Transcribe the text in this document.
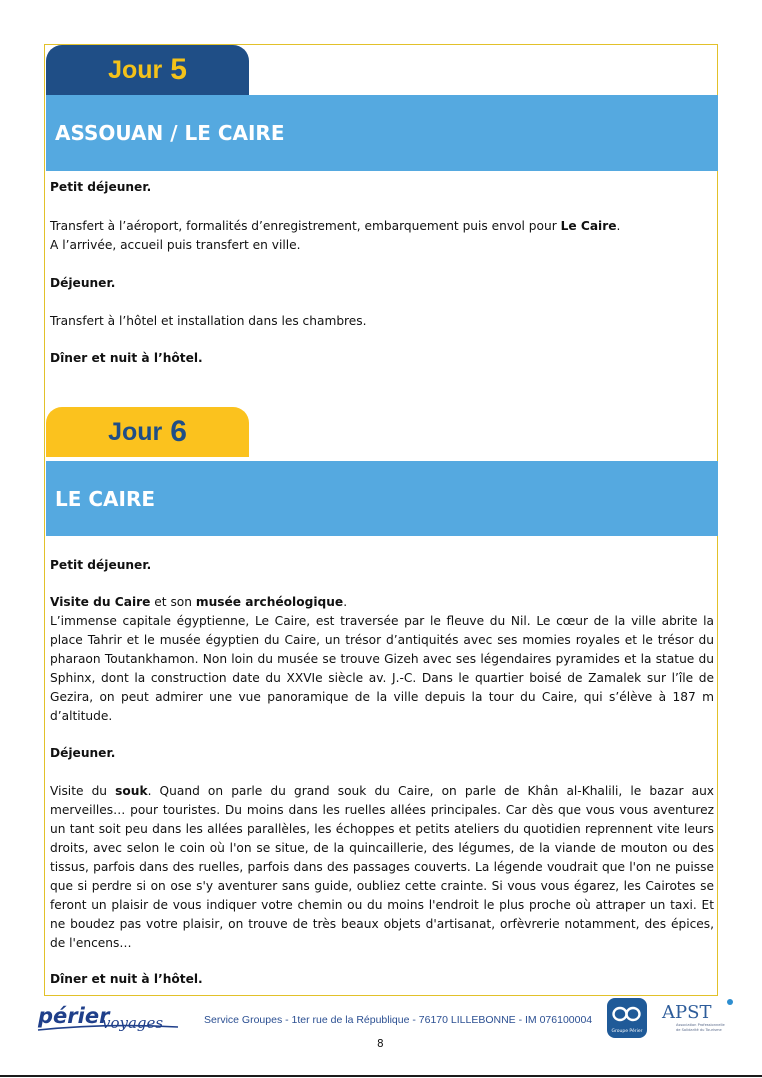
Jour 5
ASSOUAN / LE CAIRE

Petit déjeuner.

Transfert à l’aéroport, formalités d’enregistrement, embarquement puis envol pour Le Caire.

A l’arrivée, accueil puis transfert en ville.

Déjeuner.

Transfert à l’hôtel et installation dans les chambres.

Dîner et nuit à l’hôtel.

Jour 6
LE CAIRE

Petit déjeuner.

Visite du Caire et son musée archéologique.

L’immense capitale égyptienne, Le Caire, est traversée par le fleuve du Nil. Le cœur de la ville abrite la place Tahrir et le musée égyptien du Caire, un trésor d’antiquités avec ses momies royales et le trésor du pharaon Toutankhamon. Non loin du musée se trouve Gizeh avec ses légendaires pyramides et la statue du Sphinx, dont la construction date du XXVIe siècle av. J.-C. Dans le quartier boisé de Zamalek sur l’île de Gezira, on peut admirer une vue panoramique de la ville depuis la tour du Caire, qui s’élève à 187 m d’altitude.

Déjeuner.

Visite du souk. Quand on parle du grand souk du Caire, on parle de Khân al-Khalili, le bazar aux merveilles… pour touristes. Du moins dans les ruelles allées principales. Car dès que vous vous aventurez un tant soit peu dans les allées parallèles, les échoppes et petits ateliers du quotidien reprennent vite leurs droits, avec selon le coin où l'on se situe, de la quincaillerie, des légumes, de la viande de mouton ou des tissus, parfois dans des ruelles, parfois dans des passages couverts. La légende voudrait que l'on ne puisse que si perdre si on ose s'y aventurer sans guide, oubliez cette crainte. Si vous vous égarez, les Cairotes se feront un plaisir de vous indiquer votre chemin ou du moins l'endroit le plus proche où attraper un taxi. Et ne boudez pas votre plaisir, on trouve de très beaux objets d'artisanat, orfèvrerie notamment, des épices, de l'encens…

Dîner et nuit à l’hôtel.

périer
voyages	Service Groupes - 1ter rue de la République - 76170 LILLEBONNE - IM 076100004
8
Groupe Périer
APST
Association Professionnelle
de Solidarité du Tourisme
